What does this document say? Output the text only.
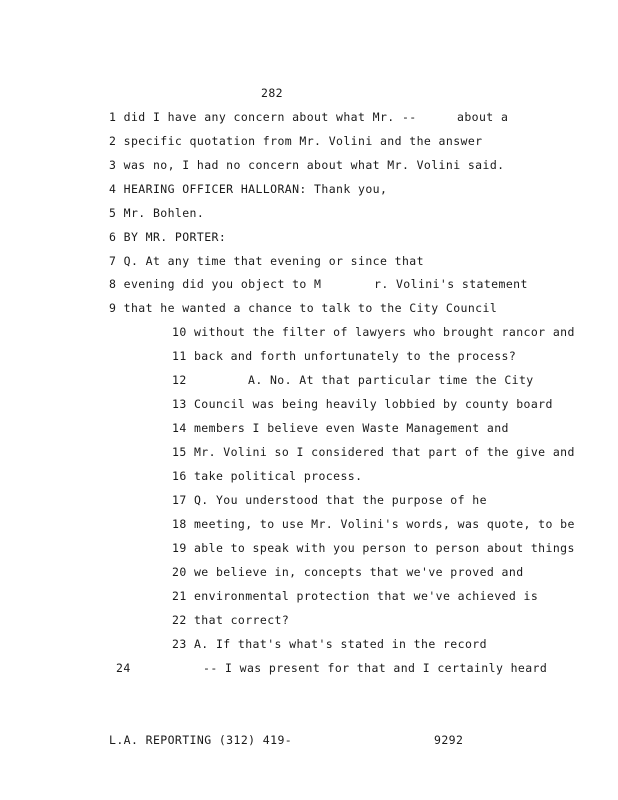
282
1 did I have any concern about what Mr. --	about a
2 specific quotation from Mr. Volini and the answer
3 was no, I had no concern about what Mr. Volini said.
4 HEARING OFFICER HALLORAN: Thank you,
5 Mr. Bohlen.
6 BY MR. PORTER:
7 Q. At any time that evening or since that
8 evening did you object to M	r. Volini's statement
9 that he wanted a chance to talk to the City Council
10 without the filter of lawyers who brought rancor and
11 back and forth unfortunately to the process?
12	A. No. At that particular time the City
13 Council was being heavily lobbied by county board
14 members I believe even Waste Management and
15 Mr. Volini so I considered that part of the give and
16 take political process.
17 Q. You understood that the purpose of he
18 meeting, to use Mr. Volini's words, was quote, to be
19 able to speak with you person to person about things
20 we believe in, concepts that we've proved and
21 environmental protection that we've achieved is
22 that correct?
23 A. If that's what's stated in the record
24	-- I was present for that and I certainly heard
L.A. REPORTING (312) 419-	9292
